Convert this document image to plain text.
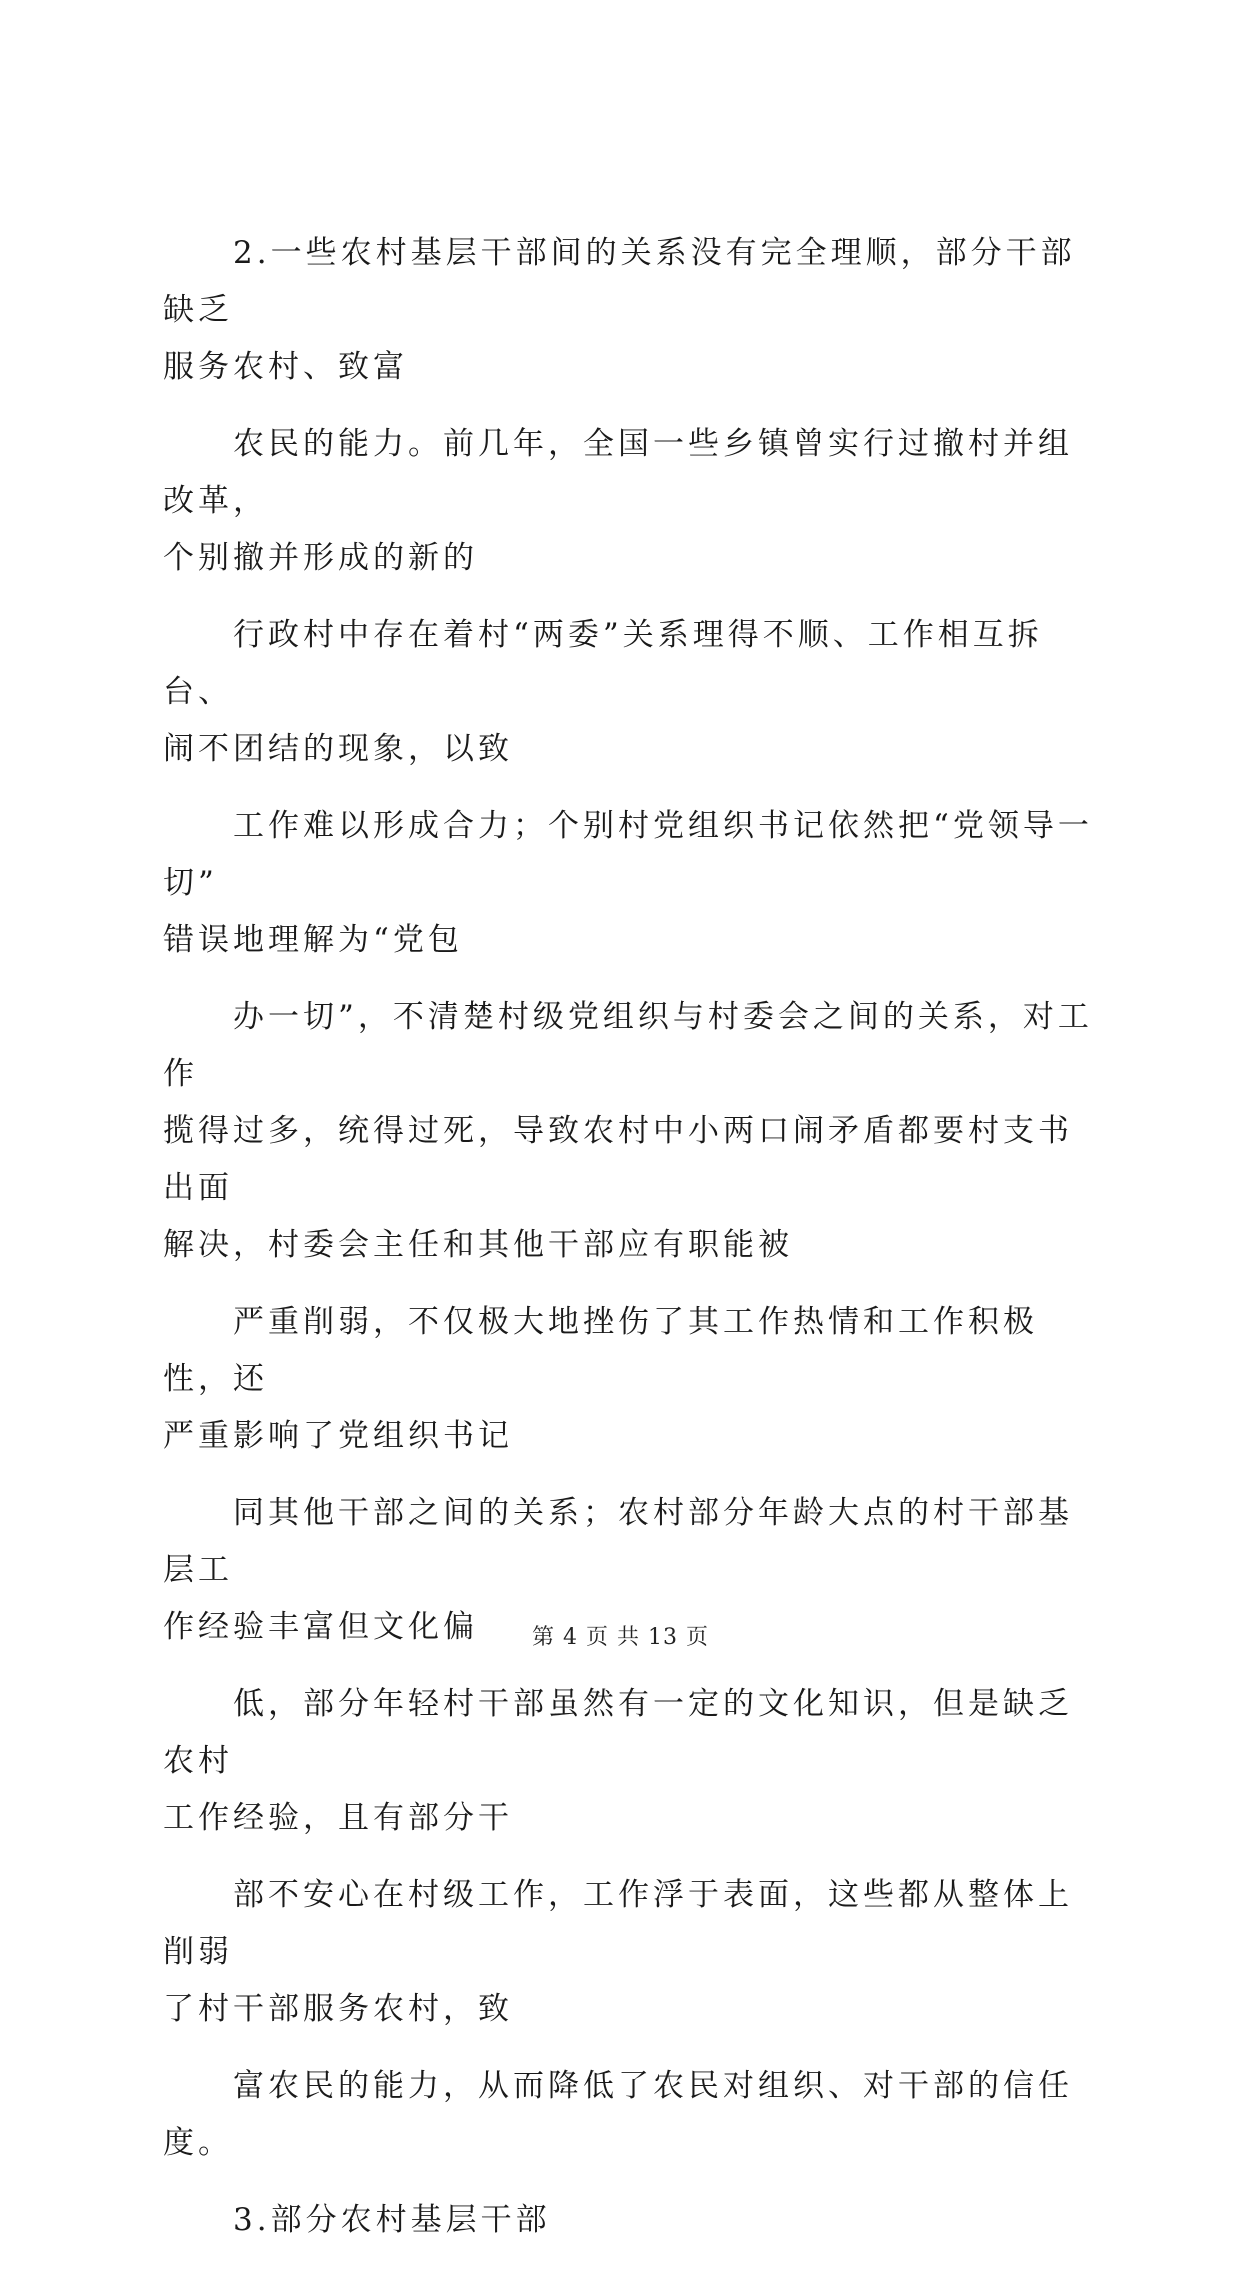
2.一些农村基层干部间的关系没有完全理顺，部分干部缺乏
服务农村、致富
农民的能力。前几年，全国一些乡镇曾实行过撤村并组改革，
个别撤并形成的新的
行政村中存在着村“两委”关系理得不顺、工作相互拆台、
闹不团结的现象，以致
工作难以形成合力；个别村党组织书记依然把“党领导一切”
错误地理解为“党包
办一切”，不清楚村级党组织与村委会之间的关系，对工作
揽得过多，统得过死，导致农村中小两口闹矛盾都要村支书出面
解决，村委会主任和其他干部应有职能被
严重削弱，不仅极大地挫伤了其工作热情和工作积极性，还
严重影响了党组织书记
同其他干部之间的关系；农村部分年龄大点的村干部基层工
作经验丰富但文化偏
低，部分年轻村干部虽然有一定的文化知识，但是缺乏农村
工作经验，且有部分干
部不安心在村级工作，工作浮于表面，这些都从整体上削弱
了村干部服务农村，致
富农民的能力，从而降低了农民对组织、对干部的信任度。
3.部分农村基层干部
第 4 页 共 13 页
